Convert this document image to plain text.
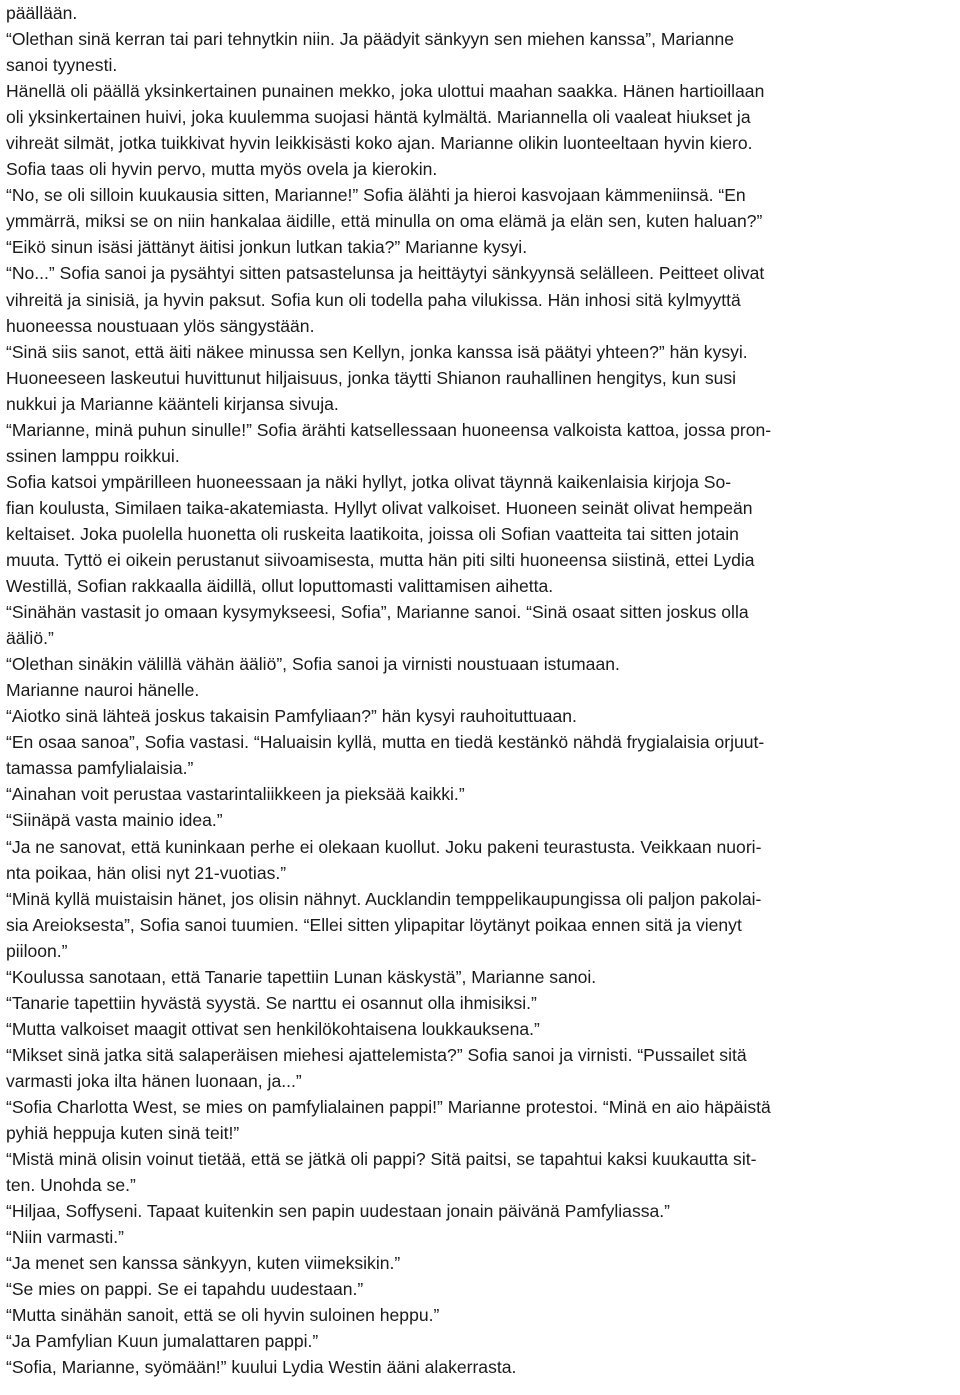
päällään.
“Olethan sinä kerran tai pari tehnytkin niin. Ja päädyit sänkyyn sen miehen kanssa”, Marianne
sanoi tyynesti.
Hänellä oli päällä yksinkertainen punainen mekko, joka ulottui maahan saakka. Hänen hartioillaan
oli yksinkertainen huivi, joka kuulemma suojasi häntä kylmältä. Mariannella oli vaaleat hiukset ja
vihreät silmät, jotka tuikkivat hyvin leikkisästi koko ajan. Marianne olikin luonteeltaan hyvin kiero.
Sofia taas oli hyvin pervo, mutta myös ovela ja kierokin.
“No, se oli silloin kuukausia sitten, Marianne!” Sofia älähti ja hieroi kasvojaan kämmeniinsä. “En
ymmärrä, miksi se on niin hankalaa äidille, että minulla on oma elämä ja elän sen, kuten haluan?”
“Eikö sinun isäsi jättänyt äitisi jonkun lutkan takia?” Marianne kysyi.
“No...” Sofia sanoi ja pysähtyi sitten patsastelunsa ja heittäytyi sänkyynsä selälleen. Peitteet olivat
vihreitä ja sinisiä, ja hyvin paksut. Sofia kun oli todella paha vilukissa. Hän inhosi sitä kylmyyttä
huoneessa noustuaan ylös sängystään.
“Sinä siis sanot, että äiti näkee minussa sen Kellyn, jonka kanssa isä päätyi yhteen?” hän kysyi.
Huoneeseen laskeutui huvittunut hiljaisuus, jonka täytti Shianon rauhallinen hengitys, kun susi
nukkui ja Marianne käänteli kirjansa sivuja.
“Marianne, minä puhun sinulle!” Sofia ärähti katsellessaan huoneensa valkoista kattoa, jossa pron-
ssinen lamppu roikkui.
Sofia katsoi ympärilleen huoneessaan ja näki hyllyt, jotka olivat täynnä kaikenlaisia kirjoja So-
fian koulusta, Similaen taika-akatemiasta. Hyllyt olivat valkoiset. Huoneen seinät olivat hempeän
keltaiset. Joka puolella huonetta oli ruskeita laatikoita, joissa oli Sofian vaatteita tai sitten jotain
muuta. Tyttö ei oikein perustanut siivoamisesta, mutta hän piti silti huoneensa siistinä, ettei Lydia
Westillä, Sofian rakkaalla äidillä, ollut loputtomasti valittamisen aihetta.
“Sinähän vastasit jo omaan kysymykseesi, Sofia”, Marianne sanoi. “Sinä osaat sitten joskus olla
ääliö.”
“Olethan sinäkin välillä vähän ääliö”, Sofia sanoi ja virnisti noustuaan istumaan.
Marianne nauroi hänelle.
“Aiotko sinä lähteä joskus takaisin Pamfyliaan?” hän kysyi rauhoituttuaan.
“En osaa sanoa”, Sofia vastasi. “Haluaisin kyllä, mutta en tiedä kestänkö nähdä frygialaisia orjuut-
tamassa pamfylialaisia.”
“Ainahan voit perustaa vastarintaliikkeen ja pieksää kaikki.”
“Siinäpä vasta mainio idea.”
“Ja ne sanovat, että kuninkaan perhe ei olekaan kuollut. Joku pakeni teurastusta. Veikkaan nuori-
nta poikaa, hän olisi nyt 21-vuotias.”
“Minä kyllä muistaisin hänet, jos olisin nähnyt. Aucklandin temppelikaupungissa oli paljon pakolai-
sia Areioksesta”, Sofia sanoi tuumien. “Ellei sitten ylipapitar löytänyt poikaa ennen sitä ja vienyt
piiloon.”
“Koulussa sanotaan, että Tanarie tapettiin Lunan käskystä”, Marianne sanoi.
“Tanarie tapettiin hyvästä syystä. Se narttu ei osannut olla ihmisiksi.”
“Mutta valkoiset maagit ottivat sen henkilökohtaisena loukkauksena.”
“Mikset sinä jatka sitä salaperäisen miehesi ajattelemista?” Sofia sanoi ja virnisti. “Pussailet sitä
varmasti joka ilta hänen luonaan, ja...”
“Sofia Charlotta West, se mies on pamfylialainen pappi!” Marianne protestoi. “Minä en aio häpäistä
pyhiä heppuja kuten sinä teit!”
“Mistä minä olisin voinut tietää, että se jätkä oli pappi? Sitä paitsi, se tapahtui kaksi kuukautta sit-
ten. Unohda se.”
“Hiljaa, Soffyseni. Tapaat kuitenkin sen papin uudestaan jonain päivänä Pamfyliassa.”
“Niin varmasti.”
“Ja menet sen kanssa sänkyyn, kuten viimeksikin.”
“Se mies on pappi. Se ei tapahdu uudestaan.”
“Mutta sinähän sanoit, että se oli hyvin suloinen heppu.”
“Ja Pamfylian Kuun jumalattaren pappi.”
“Sofia, Marianne, syömään!” kuului Lydia Westin ääni alakerrasta.
